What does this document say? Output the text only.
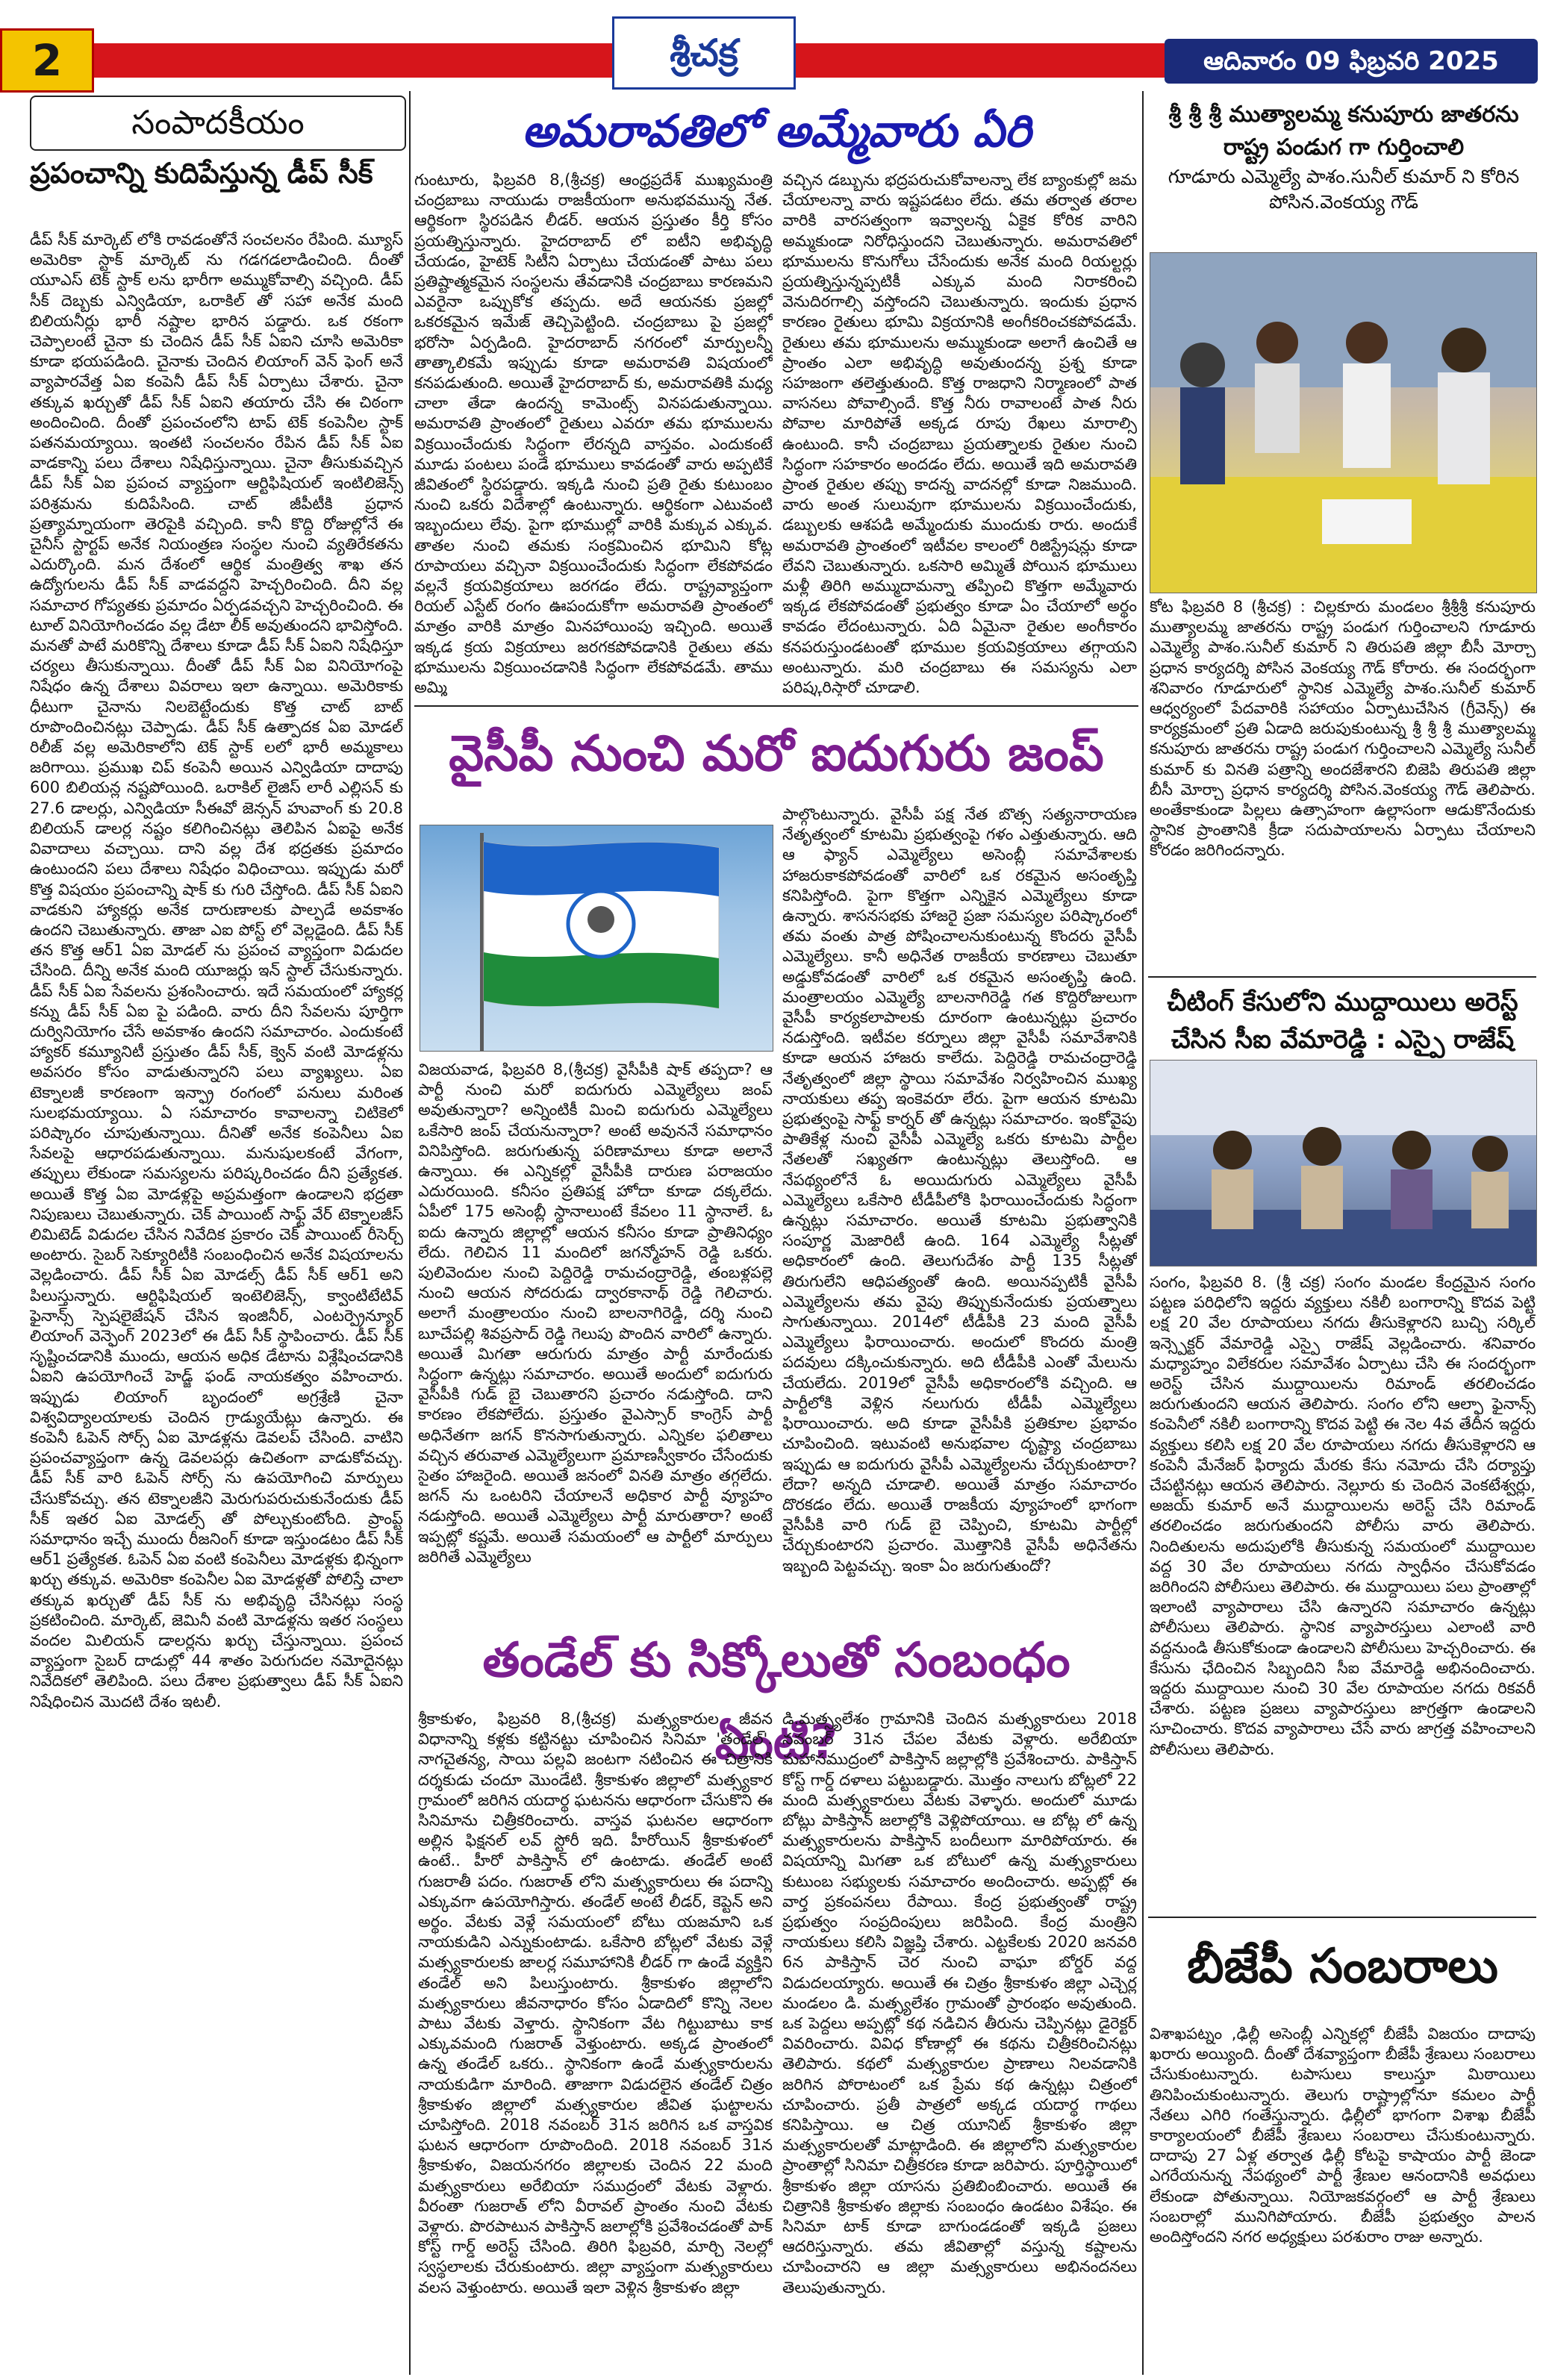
2	శ్రీచక్ర	ఆదివారం 09 ఫిబ్రవరి 2025
సంపాదకీయం
ప్రపంచాన్ని కుదిపేస్తున్న డీప్ సీక్
డీప్ సీక్ మార్కెట్ లోకి రావడంతోనే సంచలనం రేపింది. మ్యూస్ అమెరికా స్టాక్ మార్కెట్ ను గడగడలాడించింది. దీంతో యూఎస్ టెక్ స్టాక్ లను భారీగా అమ్ముకోవాల్సి వచ్చింది. డీప్ సీక్ దెబ్బకు ఎన్విడియా, ఒరాకిల్ తో సహా అనేక మంది బిలియనీర్లు భారీ నష్టాల భారిన పడ్డారు. ఒక రకంగా చెప్పాలంటే చైనా కు చెందిన డీప్ సీక్ ఏఐని చూసి అమెరికా కూడా భయపడింది. చైనాకు చెందిన లియాంగ్ వెన్ ఫెంగ్ అనే వ్యాపారవేత్త ఏఐ కంపెనీ డీప్ సీక్ ఏర్పాటు చేశారు. చైనా తక్కువ ఖర్చుతో డీప్ సీక్ ఏఐని తయారు చేసి ఈ చిఠంగా అందించింది. దీంతో ప్రపంచంలోని టాప్ టెక్ కంపెనీల స్టాక్ పతనమయ్యాయి. ఇంతటి సంచలనం రేపిన డీప్ సీక్ ఏఐ వాడకాన్ని పలు దేశాలు నిషేధిస్తున్నాయి. చైనా తీసుకువచ్చిన డీప్ సీక్ ఏఐ ప్రపంచ వ్యాప్తంగా ఆర్టిఫిషియల్ ఇంటిలిజెన్స్ పరిశ్రమను కుదిపేసింది. చాట్ జీపీటీకి ప్రధాన ప్రత్యామ్నాయంగా తెరపైకి వచ్చింది. కానీ కొద్ది రోజుల్లోనే ఈ చైనీస్ స్టార్టప్ అనేక నియంత్రణ సంస్థల నుంచి వ్యతిరేకతను ఎదుర్కొంది. మన దేశంలో ఆర్థిక మంత్రిత్వ శాఖ తన ఉద్యోగులను డీప్ సీక్ వాడవద్దని హెచ్చరించింది. దీని వల్ల సమాచార గోప్యతకు ప్రమాదం ఏర్పడవచ్చని హెచ్చరించింది. ఈ టూల్ వినియోగించడం వల్ల డేటా లీక్ అవుతుందని భావిస్తోంది. మనతో పాటే మరికొన్ని దేశాలు కూడా డీప్ సీక్ ఏఐని నిషేధిస్తూ చర్యలు తీసుకున్నాయి. దీంతో డీప్ సీక్ ఏఐ వినియోగంపై నిషేధం ఉన్న దేశాలు వివరాలు ఇలా ఉన్నాయి. అమెరికాకు ధీటుగా చైనాను నిలబెట్టేందుకు కొత్త చాట్ బాట్ రూపొందించినట్లు చెప్పాడు. డీప్ సీక్ ఉత్పాదక ఏఐ మోడల్ రిలీజ్ వల్ల అమెరికాలోని టెక్ స్టాక్ లలో భారీ అమ్మకాలు జరిగాయి. ప్రముఖ చిప్ కంపెనీ అయిన ఎన్విడియా దాదాపు 600 బిలియన్ల నష్టపోయింది. ఒరాకిల్ లైజిస్ లారీ ఎల్లిసన్ కు 27.6 డాలర్లు, ఎన్విడియా సీఈవో జెన్సన్ హువాంగ్ కు 20.8 బిలియన్ డాలర్ల నష్టం కలిగించినట్లు తెలిపిన ఏఐపై అనేక వివాదాలు వచ్చాయి. దాని వల్ల దేశ భద్రతకు ప్రమాదం ఉంటుందని పలు దేశాలు నిషేధం విధించాయి. ఇప్పుడు మరో కొత్త విషయం ప్రపంచాన్ని షాక్ కు గురి చేస్తోంది. డీప్ సీక్ ఏఐని వాడకుని హ్యాకర్లు అనేక దారుణాలకు పాల్పడే అవకాశం ఉందని చెబుతున్నారు. తాజా ఎఐ పోస్ట్ లో వెల్లడైంది. డీప్ సీక్ తన కొత్త ఆర్1 ఏఐ మోడల్ ను ప్రపంచ వ్యాప్తంగా విడుదల చేసింది. దీన్ని అనేక మంది యూజర్లు ఇన్ స్టాల్ చేసుకున్నారు. డీప్ సీక్ ఏఐ సేవలను ప్రశంసించారు. ఇదే సమయంలో హ్యాకర్ల కన్ను డీప్ సీక్ ఏఐ పై పడింది. వారు దీని సేవలను పూర్తిగా దుర్వినియోగం చేసే అవకాశం ఉందని సమాచారం. ఎందుకంటే హ్యాకర్ కమ్యూనిటీ ప్రస్తుతం డీప్ సీక్, క్వెన్ వంటి మోడళ్లను అవసరం కోసం వాడుతున్నారని పలు వ్యాఖ్యలు. ఏఐ టెక్నాలజీ కారణంగా ఇన్ఫ్రా రంగంలో పనులు మరింత సులభమయ్యాయి. ఏ సమాచారం కావాలన్నా చిటికెలో పరిష్కారం చూపుతున్నాయి. దీనితో అనేక కంపెనీలు ఏఐ సేవలపై ఆధారపడుతున్నాయి. మనుషులకంటే వేగంగా, తప్పులు లేకుండా సమస్యలను పరిష్కరించడం దీని ప్రత్యేకత. అయితే కొత్త ఏఐ మోడళ్లపై అప్రమత్తంగా ఉండాలని భద్రతా నిపుణులు చెబుతున్నారు. చెక్ పాయింట్ సాఫ్ట్ వేర్ టెక్నాలజీస్ లిమిటెడ్ విడుదల చేసిన నివేదిక ప్రకారం చెక్ పాయింట్ రీసెర్చ్ అంటారు. సైబర్ సెక్యూరిటీకి సంబంధించిన అనేక విషయాలను వెల్లడించారు. డీప్ సీక్ ఏఐ మోడల్స్ డీప్ సీక్ ఆర్1 అని పిలుస్తున్నారు. ఆర్టిఫిషియల్ ఇంటెలిజెన్స్, క్వాంటిటేటివ్ ఫైనాన్స్ స్పెషలైజేషన్ చేసిన ఇంజినీర్, ఎంటర్ప్రెన్యూర్ లియాంగ్ వెన్ఫెంగ్ 2023లో ఈ డీప్ సీక్ స్థాపించారు. డీప్ సీక్ సృష్టించడానికి ముందు, ఆయన అధిక డేటాను విశ్లేషించడానికి ఏఐని ఉపయోగించే హెడ్జ్ ఫండ్ నాయకత్వం వహించారు. ఇప్పుడు లియాంగ్ బృందంలో అగ్రశ్రేణి చైనా విశ్వవిద్యాలయాలకు చెందిన గ్రాడ్యుయేట్లు ఉన్నారు. ఈ కంపెనీ ఓపెన్ సోర్స్ ఏఐ మోడళ్లను డెవలప్ చేసింది. వాటిని ప్రపంచవ్యాప్తంగా ఉన్న డెవలపర్లు ఉచితంగా వాడుకోవచ్చు. డీప్ సీక్ వారి ఓపెన్ సోర్స్ ను ఉపయోగించి మార్పులు చేసుకోవచ్చు. తన టెక్నాలజీని మెరుగుపరుచుకునేందుకు డీప్ సీక్ ఇతర ఏఐ మోడల్స్ తో పోల్చుకుంటోంది. ప్రాంప్ట్ సమాధానం ఇచ్చే ముందు రీజనింగ్ కూడా ఇస్తుండటం డీప్ సీక్ ఆర్1 ప్రత్యేకత. ఓపెన్ ఏఐ వంటి కంపెనీలు మోడళ్లకు భిన్నంగా ఖర్చు తక్కువ. అమెరికా కంపెనీల ఏఐ మోడళ్లతో పోలిస్తే చాలా తక్కువ ఖర్చుతో డీప్ సీక్ ను అభివృద్ధి చేసినట్లు సంస్థ ప్రకటించింది. మార్కెట్, జెమినీ వంటి మోడళ్లను ఇతర సంస్థలు వందల మిలియన్ డాలర్లను ఖర్చు చేస్తున్నాయి. ప్రపంచ వ్యాప్తంగా సైబర్ దాడుల్లో 44 శాతం పెరుగుదల నమోదైనట్లు నివేదికలో తెలిపింది. పలు దేశాల ప్రభుత్వాలు డీప్ సీక్ ఏఐని నిషేధించిన మొదటి దేశం ఇటలీ.
అమరావతిలో అమ్మేవారు ఏరి
గుంటూరు, ఫిబ్రవరి 8,(శ్రీచక్ర) ఆంధ్రప్రదేశ్ ముఖ్యమంత్రి చంద్రబాబు నాయుడు రాజకీయంగా అనుభవమున్న నేత. ఆర్థికంగా స్థిరపడిన లీడర్. ఆయన ప్రస్తుతం కీర్తి కోసం ప్రయత్నిస్తున్నారు. హైదరాబాద్ లో ఐటీని అభివృద్ధి చేయడం, హైటెక్ సిటీని ఏర్పాటు చేయడంతో పాటు పలు ప్రతిష్టాత్మకమైన సంస్థలను తేవడానికి చంద్రబాబు కారణమని ఎవరైనా ఒప్పుకోక తప్పదు. అదే ఆయనకు ప్రజల్లో ఒకరకమైన ఇమేజ్ తెచ్చిపెట్టింది. చంద్రబాబు పై ప్రజల్లో భరోసా ఏర్పడింది. హైదరాబాద్ నగరంలో మార్పులన్నీ తాత్కాలికమే ఇప్పుడు కూడా అమరావతి విషయంలో కనపడుతుంది. అయితే హైదరాబాద్ కు, అమరావతికి మధ్య చాలా తేడా ఉందన్న కామెంట్స్ వినపడుతున్నాయి. అమరావతి ప్రాంతంలో రైతులు ఎవరూ తమ భూములను విక్రయించేందుకు సిద్ధంగా లేరన్నది వాస్తవం. ఎందుకంటే మూడు పంటలు పండే భూములు కావడంతో వారు అప్పటికే జీవితంలో స్థిరపడ్డారు. ఇక్కడి నుంచి ప్రతి రైతు కుటుంబం నుంచి ఒకరు విదేశాల్లో ఉంటున్నారు. ఆర్థికంగా ఎటువంటి ఇబ్బందులు లేవు. పైగా భూముల్లో వారికి మక్కువ ఎక్కువ. తాతల నుంచి తమకు సంక్రమించిన భూమిని కోట్ల రూపాయలు వచ్చినా విక్రయించేందుకు సిద్ధంగా లేకపోవడం వల్లనే క్రయవిక్రయాలు జరగడం లేదు. రాష్ట్రవ్యాప్తంగా రియల్ ఎస్టేట్ రంగం ఊపందుకోగా అమరావతి ప్రాంతంలో మాత్రం వారికి మాత్రం మినహాయింపు ఇచ్చింది. అయితే ఇక్కడ క్రయ విక్రయాలు జరగకపోవడానికి రైతులు తమ భూములను విక్రయించడానికి సిద్ధంగా లేకపోవడమే. తాము అమ్మి
వచ్చిన డబ్బును భద్రపరుచుకోవాలన్నా లేక బ్యాంకుల్లో జమ చేయాలన్నా వారు ఇష్టపడటం లేదు. తమ తర్వాత తరాల వారికి వారసత్వంగా ఇవ్వాలన్న ఏకైక కోరిక వారిని అమ్మకుండా నిరోధిస్తుందని చెబుతున్నారు. అమరావతిలో భూములను కొనుగోలు చేసేందుకు అనేక మంది రియల్టర్లు ప్రయత్నిస్తున్నప్పటికీ ఎక్కువ మంది నిరాకరించి వెనుదిరగాల్సి వస్తోందని చెబుతున్నారు. ఇందుకు ప్రధాన కారణం రైతులు భూమి విక్రయానికి అంగీకరించకపోవడమే. రైతులు తమ భూములను అమ్ముకుండా అలాగే ఉంచితే ఆ ప్రాంతం ఎలా అభివృద్ధి అవుతుందన్న ప్రశ్న కూడా సహజంగా తలెత్తుతుంది. కొత్త రాజధాని నిర్మాణంలో పాత వాసనలు పోవాల్సిందే. కొత్త నీరు రావాలంటే పాత నీరు పోవాల మారిపోతే అక్కడ రూపు రేఖలు మారాల్సి ఉంటుంది. కానీ చంద్రబాబు ప్రయత్నాలకు రైతుల నుంచి సిద్ధంగా సహకారం అందడం లేదు. అయితే ఇది అమరావతి ప్రాంత రైతుల తప్పు కాదన్న వాదనల్లో కూడా నిజముంది. వారు అంత సులువుగా భూములను విక్రయించేందుకు, డబ్బులకు ఆశపడి అమ్మేందుకు ముందుకు రారు. అందుకే అమరావతి ప్రాంతంలో ఇటీవల కాలంలో రిజిస్ట్రేషన్లు కూడా లేవని చెబుతున్నారు. ఒకసారి అమ్మితే పోయిన భూములు మళ్లీ తిరిగి అమ్ముదామన్నా తప్పించి కొత్తగా అమ్మేవారు ఇక్కడ లేకపోవడంతో ప్రభుత్వం కూడా ఏం చేయాలో అర్థం కావడం లేదంటున్నారు. ఏది ఏమైనా రైతుల అంగీకారం కనపరుస్తుండటంతో భూముల క్రయవిక్రయాలు తగ్గాయని అంటున్నారు. మరి చంద్రబాబు ఈ సమస్యను ఎలా పరిష్కరిస్తారో చూడాలి.
వైసీపీ నుంచి మరో ఐదుగురు జంప్
విజయవాడ, ఫిబ్రవరి 8,(శ్రీచక్ర) వైసీపీకి షాక్ తప్పదా? ఆ పార్టీ నుంచి మరో ఐదుగురు ఎమ్మెల్యేలు జంప్ అవుతున్నారా? అన్నింటికీ మించి ఐదుగురు ఎమ్మెల్యేలు ఒకేసారి జంప్ చేయనున్నారా? అంటే అవుననే సమాధానం వినిపిస్తోంది. జరుగుతున్న పరిణామాలు కూడా అలానే ఉన్నాయి. ఈ ఎన్నికల్లో వైసీపీకి దారుణ పరాజయం ఎదురయింది. కనీసం ప్రతిపక్ష హోదా కూడా దక్కలేదు. ఏపీలో 175 అసెంబ్లీ స్థానాలుంటే కేవలం 11 స్థానాలే. ఓ ఐదు ఉన్నారు జిల్లాల్లో ఆయన కనీసం కూడా ప్రాతినిధ్యం లేదు. గెలిచిన 11 మందిలో జగన్మోహన్ రెడ్డి ఒకరు. పులివెందుల నుంచి పెద్దిరెడ్డి రామచంద్రారెడ్డి, తంబళ్లపల్లె నుంచి ఆయన సోదరుడు ద్వారకానాథ్ రెడ్డి గెలిచారు. అలాగే మంత్రాలయం నుంచి బాలనాగిరెడ్డి, దర్శి నుంచి బూచేపల్లి శివప్రసాద్ రెడ్డి గెలుపు పొందిన వారిలో ఉన్నారు. అయితే మిగతా ఆరుగురు మాత్రం పార్టీ మారేందుకు సిద్ధంగా ఉన్నట్లు సమాచారం. అయితే అందులో ఐదుగురు వైసీపీకి గుడ్ బై చెబుతారని ప్రచారం నడుస్తోంది. దాని కారణం లేకపోలేదు. ప్రస్తుతం వైఎస్సార్ కాంగ్రెస్ పార్టీ అధినేతగా జగన్ కొనసాగుతున్నారు. ఎన్నికల ఫలితాలు వచ్చిన తరువాత ఎమ్మెల్యేలుగా ప్రమాణస్వీకారం చేసేందుకు సైతం హాజరైంది. అయితే జనంలో వినతి మాత్రం తగ్గలేదు. జగన్ ను ఒంటరిని చేయాలనే అధికార పార్టీ వ్యూహం నడుస్తోంది. అయితే ఎమ్మెల్యేలు పార్టీ మారుతారా? అంటే ఇప్పట్లో కష్టమే. అయితే సమయంలో ఆ పార్టీలో మార్పులు జరిగితే ఎమ్మెల్యేలు
పాల్గొంటున్నారు. వైసీపీ పక్ష నేత బొత్స సత్యనారాయణ నేతృత్వంలో కూటమి ప్రభుత్వంపై గళం ఎత్తుతున్నారు. ఆది ఆ ఫ్యాన్ ఎమ్మెల్యేలు అసెంబ్లీ సమావేశాలకు హాజరుకాకపోవడంతో వారిలో ఒక రకమైన అసంతృప్తి కనిపిస్తోంది. పైగా కొత్తగా ఎన్నికైన ఎమ్మెల్యేలు కూడా ఉన్నారు. శాసనసభకు హాజరై ప్రజా సమస్యల పరిష్కారంలో తమ వంతు పాత్ర పోషించాలనుకుంటున్న కొందరు వైసీపీ ఎమ్మెల్యేలు. కానీ అధినేత రాజకీయ కారణాలు చెబుతూ అడ్డుకోవడంతో వారిలో ఒక రకమైన అసంతృప్తి ఉంది. మంత్రాలయం ఎమ్మెల్యే బాలనాగిరెడ్డి గత కొద్దిరోజులుగా వైసీపీ కార్యకలాపాలకు దూరంగా ఉంటున్నట్లు ప్రచారం నడుస్తోంది. ఇటీవల కర్నూలు జిల్లా వైసీపీ సమావేశానికి కూడా ఆయన హాజరు కాలేదు. పెద్దిరెడ్డి రామచంద్రారెడ్డి నేతృత్వంలో జిల్లా స్థాయి సమావేశం నిర్వహించిన ముఖ్య నాయకులు తప్ప ఇంకెవరూ లేరు. పైగా ఆయన కూటమి ప్రభుత్వంపై సాఫ్ట్ కార్నర్ తో ఉన్నట్లు సమాచారం. ఇంకోవైపు పాతికేళ్ల నుంచి వైసీపీ ఎమ్మెల్యే ఒకరు కూటమి పార్టీల నేతలతో సఖ్యతగా ఉంటున్నట్లు తెలుస్తోంది. ఆ నేపథ్యంలోనే ఓ అయిదుగురు ఎమ్మెల్యేలు వైసీపీ ఎమ్మెల్యేలు ఒకేసారి టీడీపీలోకి ఫిరాయించేందుకు సిద్ధంగా ఉన్నట్లు సమాచారం. అయితే కూటమి ప్రభుత్వానికి సంపూర్ణ మెజారిటీ ఉంది. 164 ఎమ్మెల్యే సీట్లతో అధికారంలో ఉంది. తెలుగుదేశం పార్టీ 135 సీట్లతో తిరుగులేని ఆధిపత్యంతో ఉంది. అయినప్పటికీ వైసీపీ ఎమ్మెల్యేలను తమ వైపు తిప్పుకునేందుకు ప్రయత్నాలు సాగుతున్నాయి. 2014లో టీడీపీకి 23 మంది వైసీపీ ఎమ్మెల్యేలు ఫిరాయించారు. అందులో కొందరు మంత్రి పదవులు దక్కించుకున్నారు. అది టీడీపీకి ఎంతో మేలును చేయలేదు. 2019లో వైసీపీ అధికారంలోకి వచ్చింది. ఆ పార్టీలోకి వెళ్లిన నలుగురు టీడీపీ ఎమ్మెల్యేలు ఫిరాయించారు. అది కూడా వైసీపీకి ప్రతికూల ప్రభావం చూపించింది. ఇటువంటి అనుభవాల దృష్ట్యా చంద్రబాబు ఇప్పుడు ఆ ఐదుగురు వైసీపీ ఎమ్మెల్యేలను చేర్చుకుంటారా? లేదా? అన్నది చూడాలి. అయితే మాత్రం సమాచారం దొరకడం లేదు. అయితే రాజకీయ వ్యూహంలో భాగంగా వైసీపీకి వారి గుడ్ బై చెప్పించి, కూటమి పార్టీల్లో చేర్చుకుంటారని ప్రచారం. మొత్తానికి వైసీపీ అధినేతను ఇబ్బంది పెట్టవచ్చు. ఇంకా ఏం జరుగుతుందో?
తండేల్ కు సిక్కోలుతో సంబంధం ఏంటి?
శ్రీకాకుళం, ఫిబ్రవరి 8,(శ్రీచక్ర) మత్స్యకారుల జీవన విధానాన్ని కళ్లకు కట్టినట్టు చూపించిన సినిమా 'తండేల్'. నాగచైతన్య, సాయి పల్లవి జంటగా నటించిన ఈ చిత్రానికి దర్శకుడు చందూ మొండేటి. శ్రీకాకుళం జిల్లాలో మత్స్యకార గ్రామంలో జరిగిన యదార్థ ఘటనను ఆధారంగా చేసుకొని ఈ సినిమాను చిత్రీకరించారు. వాస్తవ ఘటనల ఆధారంగా అల్లిన ఫిక్షనల్ లవ్ స్టోరీ ఇది. హీరోయిన్ శ్రీకాకుళంలో ఉంటే.. హీరో పాకిస్తాన్ లో ఉంటాడు. తండేల్ అంటే గుజరాతీ పదం. గుజరాత్ లోని మత్స్యకారులు ఈ పదాన్ని ఎక్కువగా ఉపయోగిస్తారు. తండేల్ అంటే లీడర్, కెప్టెన్ అని అర్థం. వేటకు వెళ్లే సమయంలో బోటు యజమాని ఒక నాయకుడిని ఎన్నుకుంటాడు. ఒకేసారి బోట్లలో వేటకు వెళ్లే మత్స్యకారులకు జాలర్ల సమూహానికి లీడర్ గా ఉండే వ్యక్తిని తండేల్ అని పిలుస్తుంటారు. శ్రీకాకుళం జిల్లాలోని మత్స్యకారులు జీవనాధారం కోసం ఏడాదిలో కొన్ని నెలల పాటు వేటకు వెళ్తారు. స్థానికంగా వేట గిట్టుబాటు కాక ఎక్కువమంది గుజరాత్ వెళ్తుంటారు. అక్కడ ప్రాంతంలో ఉన్న తండేల్ ఒకరు.. స్థానికంగా ఉండే మత్స్యకారులను నాయకుడిగా మారింది. తాజాగా విడుదలైన తండేల్ చిత్రం శ్రీకాకుళం జిల్లాలో మత్స్యకారుల జీవిత ఘట్టాలను చూపిస్తోంది. 2018 నవంబర్ 31న జరిగిన ఒక వాస్తవిక ఘటన ఆధారంగా రూపొందింది. 2018 నవంబర్ 31న శ్రీకాకుళం, విజయనగరం జిల్లాలకు చెందిన 22 మంది మత్స్యకారులు అరేబియా సముద్రంలో వేటకు వెళ్లారు. వీరంతా గుజరాత్ లోని వీరావల్ ప్రాంతం నుంచి వేటకు వెళ్లారు. పొరపాటున పాకిస్తాన్ జలాల్లోకి ప్రవేశించడంతో పాక్ కోస్ట్ గార్డ్ అరెస్ట్ చేసింది. తిరిగి ఫిబ్రవరి, మార్చి నెలల్లో స్వస్థలాలకు చేరుకుంటారు. జిల్లా వ్యాప్తంగా మత్స్యకారులు వలస వెళ్తుంటారు. అయితే ఇలా వెళ్లిన శ్రీకాకుళం జిల్లా
డి.మత్స్యలేశం గ్రామానికి చెందిన మత్స్యకారులు 2018 నవంబర్ 31న చేపల వేటకు వెళ్లారు. అరేబియా మహాసముద్రంలో పాకిస్తాన్ జల్లాల్లోకి ప్రవేశించారు. పాకిస్తాన్ కోస్ట్ గార్డ్ దళాలు పట్టుబడ్డారు. మొత్తం నాలుగు బోట్లలో 22 మంది మత్స్యకారులు వేటకు వెళ్ళారు. అందులో మూడు బోట్లు పాకిస్తాన్ జలాల్లోకి వెళ్లిపోయాయి. ఆ బోట్ల లో ఉన్న మత్స్యకారులను పాకిస్తాన్ బందీలుగా మారిపోయారు. ఈ విషయాన్ని మిగతా ఒక బోటులో ఉన్న మత్స్యకారులు కుటుంబ సభ్యులకు సమాచారం అందించారు. అప్పట్లో ఈ వార్త ప్రకంపనలు రేపాయి. కేంద్ర ప్రభుత్వంతో రాష్ట్ర ప్రభుత్వం సంప్రదింపులు జరిపింది. కేంద్ర మంత్రిని నాయకులు కలిసి విజ్ఞప్తి చేశారు. ఎట్టకేలకు 2020 జనవరి 6న పాకిస్తాన్ చెర నుంచి వాఘా బోర్డర్ వద్ద విడుదలయ్యారు. అయితే ఈ చిత్రం శ్రీకాకుళం జిల్లా ఎచ్చెర్ల మండలం డి. మత్స్యలేశం గ్రామంతో ప్రారంభం అవుతుంది. ఒక పెద్దలు అప్పట్లో కథ నడిచిన తీరును చెప్పినట్లు డైరెక్టర్ వివరించారు. వివిధ కోణాల్లో ఈ కథను చిత్రీకరించినట్లు తెలిపారు. కథలో మత్స్యకారుల ప్రాణాలు నిలవడానికి జరిగిన పోరాటంలో ఒక ప్రేమ కథ ఉన్నట్లు చిత్రంలో చూపించారు. ప్రతీ పాత్రలో అక్కడ యదార్థ గాథలు కనిపిస్తాయి. ఆ చిత్ర యూనిట్ శ్రీకాకుళం జిల్లా మత్స్యకారులతో మాట్లాడింది. ఈ జిల్లాలోని మత్స్యకారుల ప్రాంతాల్లో సినిమా చిత్రీకరణ కూడా జరిపారు. పూర్తిస్థాయిలో శ్రీకాకుళం జిల్లా యాసను ప్రతిబింబించారు. అయితే ఈ చిత్రానికి శ్రీకాకుళం జిల్లాకు సంబంధం ఉండటం విశేషం. ఈ సినిమా టాక్ కూడా బాగుండడంతో ఇక్కడి ప్రజలు ఆదరిస్తున్నారు. తమ జీవితాల్లో వస్తున్న కష్టాలను చూపించారని ఆ జిల్లా మత్స్యకారులు అభినందనలు తెలుపుతున్నారు.
శ్రీ శ్రీ శ్రీ ముత్యాలమ్మ కనుపూరు జాతరను రాష్ట్ర పండుగ గా గుర్తించాలి
గూడూరు ఎమ్మెల్యే పాశం.సునీల్ కుమార్ ని కోరిన పోసిన.వెంకయ్య గౌడ్
కోట ఫిబ్రవరి 8 (శ్రీచక్ర) : చిల్లకూరు మండలం శ్రీశ్రీశ్రీ కనుపూరు ముత్యాలమ్మ జాతరను రాష్ట్ర పండుగ గుర్తించాలని గూడూరు ఎమ్మెల్యే పాశం.సునీల్ కుమార్ ని తిరుపతి జిల్లా బీసీ మోర్చా ప్రధాన కార్యదర్శి పోసిన వెంకయ్య గౌడ్ కోరారు. ఈ సందర్భంగా శనివారం గూడూరులో స్థానిక ఎమ్మెల్యే పాశం.సునీల్ కుమార్ ఆధ్వర్యంలో పేదవారికి సహాయం ఏర్పాటుచేసిన (గ్రీవెన్స్) ఈ కార్యక్రమంలో ప్రతి ఏడాది జరుపుకుంటున్న శ్రీ శ్రీ శ్రీ ముత్యాలమ్మ కనుపూరు జాతరను రాష్ట్ర పండుగ గుర్తించాలని ఎమ్మెల్యే సునీల్ కుమార్ కు వినతి పత్రాన్ని అందజేశారని బిజెపి తిరుపతి జిల్లా బీసీ మోర్చా ప్రధాన కార్యదర్శి పోసిన.వెంకయ్య గౌడ్ తెలిపారు. అంతేకాకుండా పిల్లలు ఉత్సాహంగా ఉల్లాసంగా ఆడుకొనేందుకు స్థానిక ప్రాంతానికి క్రీడా సదుపాయాలను ఏర్పాటు చేయాలని కోరడం జరిగిందన్నారు.
చీటింగ్ కేసులోని ముద్దాయిలు అరెస్ట్ చేసిన సీఐ వేమారెడ్డి : ఎస్పై రాజేష్
సంగం, ఫిబ్రవరి 8. (శ్రీ చక్ర) సంగం మండల కేంద్రమైన సంగం పట్టణ పరిధిలోని ఇద్దరు వ్యక్తులు నకిలీ బంగారాన్ని కొదవ పెట్టి లక్ష 20 వేల రూపాయలు నగదు తీసుకెళ్లారని బుచ్చి సర్కిల్ ఇన్స్పెక్టర్ వేమారెడ్డి ఎస్పై రాజేష్ వెల్లడించారు. శనివారం మధ్యాహ్నం విలేకరుల సమావేశం ఏర్పాటు చేసి ఈ సందర్భంగా అరెస్ట్ చేసిన ముద్దాయిలను రిమాండ్ తరలించడం జరుగుతుందని ఆయన తెలిపారు. సంగం లోని ఆల్ఫా ఫైనాన్స్ కంపెనీలో నకిలీ బంగారాన్ని కొదవ పెట్టి ఈ నెల 4వ తేదీన ఇద్దరు వ్యక్తులు కలిసి లక్ష 20 వేల రూపాయలు నగదు తీసుకెళ్లారని ఆ కంపెనీ మేనేజర్ ఫిర్యాదు మేరకు కేసు నమోదు చేసి దర్యాప్తు చేపట్టినట్లు ఆయన తెలిపారు. నెల్లూరు కు చెందిన వెంకటేశ్వర్లు, అజయ్ కుమార్ అనే ముద్దాయిలను అరెస్ట్ చేసి రిమాండ్ తరలించడం జరుగుతుందని పోలీసు వారు తెలిపారు. నిందితులను అదుపులోకి తీసుకున్న సమయంలో ముద్దాయిల వద్ద 30 వేల రూపాయలు నగదు స్వాధీనం చేసుకోవడం జరిగిందని పోలీసులు తెలిపారు. ఈ ముద్దాయిలు పలు ప్రాంతాల్లో ఇలాంటి వ్యాపారాలు చేసి ఉన్నారని సమాచారం ఉన్నట్లు పోలీసులు తెలిపారు. స్థానిక వ్యాపారస్తులు ఎలాంటి వారి వద్దనుండి తీసుకోకుండా ఉండాలని పోలీసులు హెచ్చరించారు. ఈ కేసును ఛేదించిన సిబ్బందిని సీఐ వేమారెడ్డి అభినందించారు. ఇద్దరు ముద్దాయిల నుంచి 30 వేల రూపాయల నగదు రికవరీ చేశారు. పట్టణ ప్రజలు వ్యాపారస్తులు జాగ్రత్తగా ఉండాలని సూచించారు. కొదవ వ్యాపారాలు చేసే వారు జాగ్రత్త వహించాలని పోలీసులు తెలిపారు.
బీజేపీ సంబరాలు
విశాఖపట్నం ,ఢిల్లీ అసెంబ్లీ ఎన్నికల్లో బీజేపీ విజయం దాదాపు ఖరారు అయ్యింది. దీంతో దేశవ్యాప్తంగా బీజేపీ శ్రేణులు సంబరాలు చేసుకుంటున్నారు. టపాసులు కాలుస్తూ మిఠాయిలు తినిపించుకుంటున్నారు. తెలుగు రాష్ట్రాల్లోనూ కమలం పార్టీ నేతలు ఎగిరి గంతేస్తున్నారు. ఢిల్లీలో భాగంగా విశాఖ బీజేపీ కార్యాలయంలో బీజేపీ శ్రేణులు సంబరాలు చేసుకుంటున్నారు. దాదాపు 27 ఏళ్ల తర్వాత ఢిల్లీ కోటపై కాషాయం పార్టీ జెండా ఎగరేయనున్న నేపథ్యంలో పార్టీ శ్రేణుల ఆనందానికి అవధులు లేకుండా పోతున్నాయి. నియోజకవర్గంలో ఆ పార్టీ శ్రేణులు సంబరాల్లో మునిగిపోయారు. బీజేపీ ప్రభుత్వం పాలన అందిస్తోందని నగర అధ్యక్షులు పరశురాం రాజు అన్నారు.
